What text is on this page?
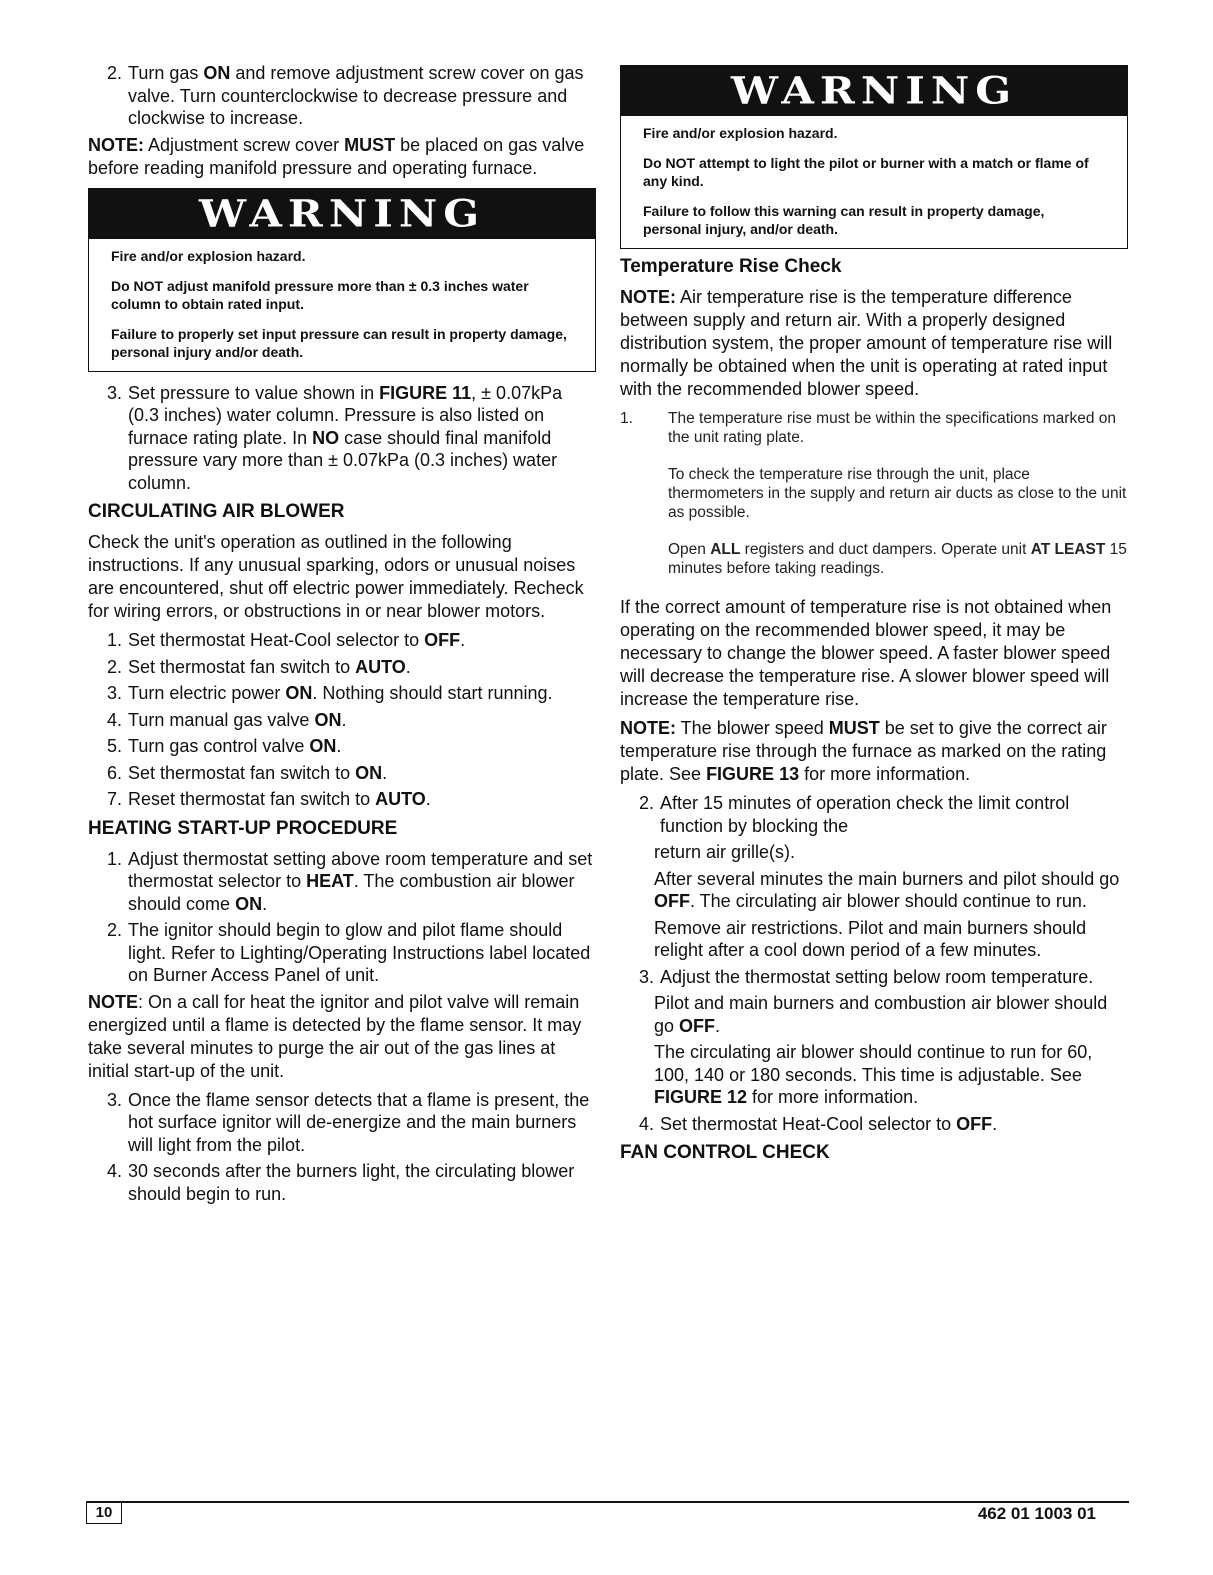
2. Turn gas ON and remove adjustment screw cover on gas valve. Turn counterclockwise to decrease pressure and clockwise to increase.

NOTE: Adjustment screw cover MUST be placed on gas valve before reading manifold pressure and operating furnace.

WARNING

Fire and/or explosion hazard.

Do NOT adjust manifold pressure more than ± 0.3 inches water column to obtain rated input.

Failure to properly set input pressure can result in property damage, personal injury and/or death.

3. Set pressure to value shown in FIGURE 11, ± 0.07kPa (0.3 inches) water column. Pressure is also listed on furnace rating plate. In NO case should final manifold pressure vary more than ± 0.07kPa (0.3 inches) water column.

CIRCULATING AIR BLOWER

Check the unit's operation as outlined in the following instructions. If any unusual sparking, odors or unusual noises are encountered, shut off electric power immediately. Recheck for wiring errors, or obstructions in or near blower motors.

1. Set thermostat Heat-Cool selector to OFF.
2. Set thermostat fan switch to AUTO.
3. Turn electric power ON. Nothing should start running.
4. Turn manual gas valve ON.
5. Turn gas control valve ON.
6. Set thermostat fan switch to ON.
7. Reset thermostat fan switch to AUTO.

HEATING START-UP PROCEDURE

1. Adjust thermostat setting above room temperature and set thermostat selector to HEAT. The combustion air blower should come ON.
2. The ignitor should begin to glow and pilot flame should light. Refer to Lighting/Operating Instructions label located on Burner Access Panel of unit.

NOTE: On a call for heat the ignitor and pilot valve will remain energized until a flame is detected by the flame sensor. It may take several minutes to purge the air out of the gas lines at initial start-up of the unit.

3. Once the flame sensor detects that a flame is present, the hot surface ignitor will de-energize and the main burners will light from the pilot.
4. 30 seconds after the burners light, the circulating blower should begin to run.
WARNING

Fire and/or explosion hazard.

Do NOT attempt to light the pilot or burner with a match or flame of any kind.

Failure to follow this warning can result in property damage, personal injury, and/or death.

Temperature Rise Check

NOTE: Air temperature rise is the temperature difference between supply and return air. With a properly designed distribution system, the proper amount of temperature rise will normally be obtained when the unit is operating at rated input with the recommended blower speed.

1.	The temperature rise must be within the specifications marked on the unit rating plate.

To check the temperature rise through the unit, place thermometers in the supply and return air ducts as close to the unit as possible.

Open ALL registers and duct dampers. Operate unit AT LEAST 15 minutes before taking readings.

If the correct amount of temperature rise is not obtained when operating on the recommended blower speed, it may be necessary to change the blower speed. A faster blower speed will decrease the temperature rise. A slower blower speed will increase the temperature rise.

NOTE: The blower speed MUST be set to give the correct air temperature rise through the furnace as marked on the rating plate. See FIGURE 13 for more information.

2. After 15 minutes of operation check the limit control function by blocking the

return air grille(s).

After several minutes the main burners and pilot should go OFF. The circulating air blower should continue to run.

Remove air restrictions. Pilot and main burners should relight after a cool down period of a few minutes.

3. Adjust the thermostat setting below room temperature.

Pilot and main burners and combustion air blower should go OFF.

The circulating air blower should continue to run for 60, 100, 140 or 180 seconds. This time is adjustable. See FIGURE 12 for more information.

4. Set thermostat Heat-Cool selector to OFF.

FAN CONTROL CHECK

10	462 01 1003 01
